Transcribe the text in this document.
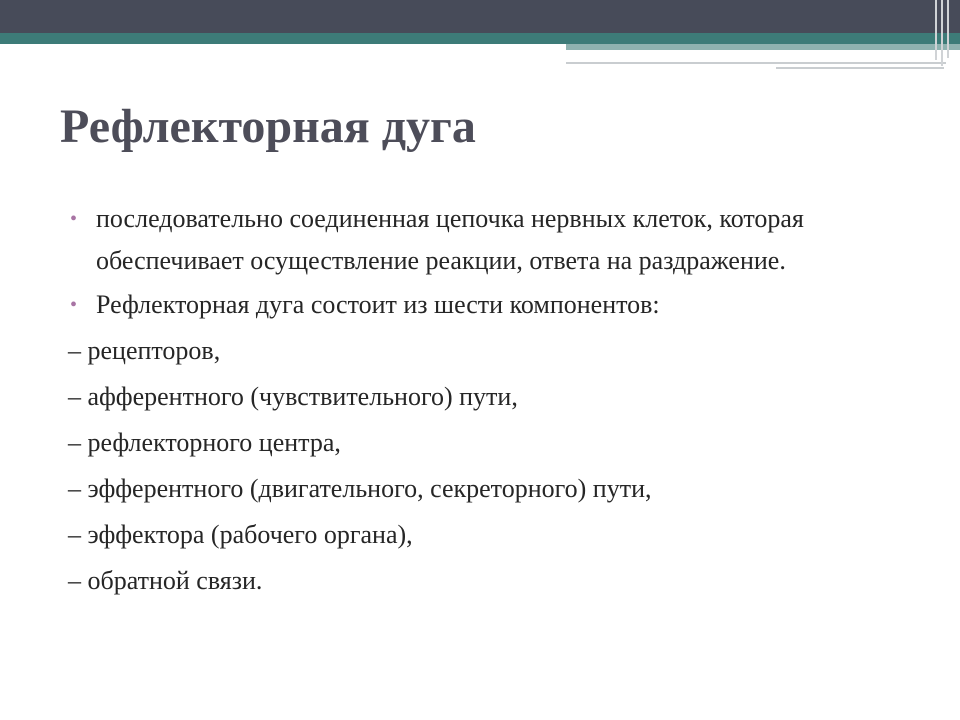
Рефлекторная дуга
• последовательно соединенная цепочка нервных клеток, которая обеспечивает осуществление реакции, ответа на раздражение.
• Рефлекторная дуга состоит из шести компонентов:
– рецепторов,
– афферентного (чувствительного) пути,
– рефлекторного центра,
– эфферентного (двигательного, секреторного) пути,
– эффектора (рабочего органа),
– обратной связи.
